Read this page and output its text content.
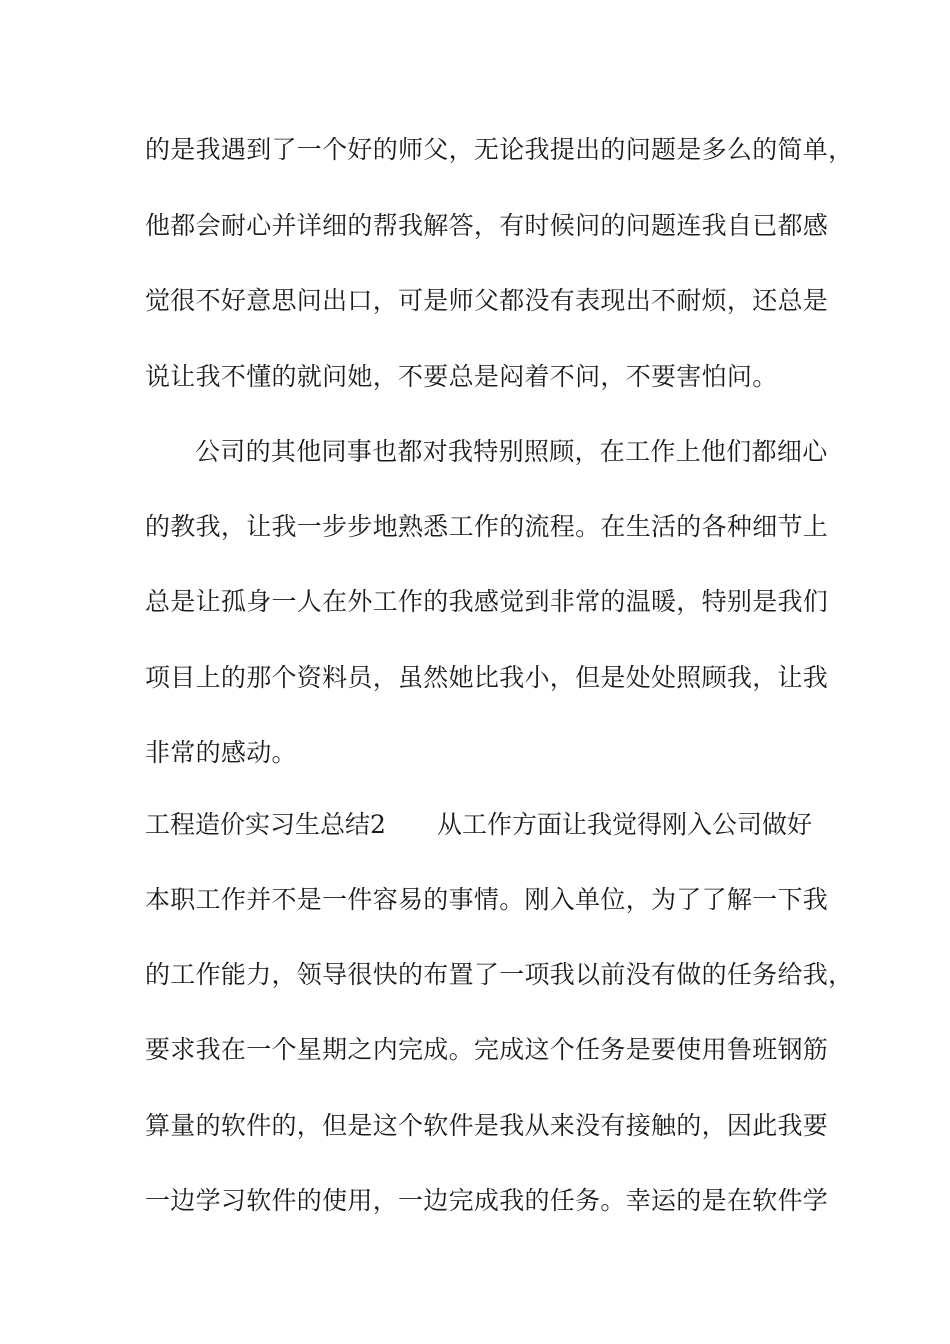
的是我遇到了一个好的师父，无论我提出的问题是多么的简单，
他都会耐心并详细的帮我解答，有时候问的问题连我自已都感
觉很不好意思问出口，可是师父都没有表现出不耐烦，还总是
说让我不懂的就问她，不要总是闷着不问，不要害怕问。
公司的其他同事也都对我特别照顾，在工作上他们都细心
的教我，让我一步步地熟悉工作的流程。在生活的各种细节上
总是让孤身一人在外工作的我感觉到非常的温暖，特别是我们
项目上的那个资料员，虽然她比我小，但是处处照顾我，让我
非常的感动。
工程造价实习生总结2 从工作方面让我觉得刚入公司做好
本职工作并不是一件容易的事情。刚入单位，为了了解一下我
的工作能力，领导很快的布置了一项我以前没有做的任务给我，
要求我在一个星期之内完成。完成这个任务是要使用鲁班钢筋
算量的软件的，但是这个软件是我从来没有接触的，因此我要
一边学习软件的使用，一边完成我的任务。幸运的是在软件学
